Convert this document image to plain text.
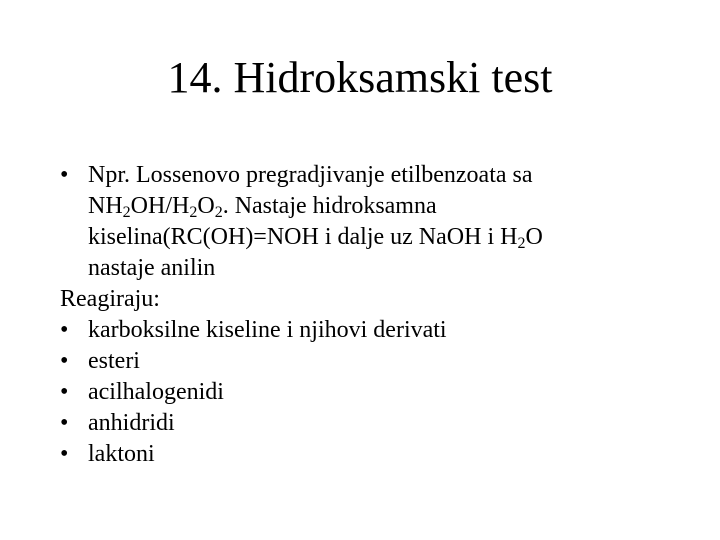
14. Hidroksamski test
• Npr. Lossenovo pregradjivanje etilbenzoata sa
$NH_2OH/H_2O_2$. Nastaje hidroksamna
kiselina(RC(OH)=NOH i dalje uz NaOH i $H_2O$
nastaje anilin
Reagiraju:
• karboksilne kiseline i njihovi derivati
• esteri
• acilhalogenidi
• anhidridi
• laktoni
